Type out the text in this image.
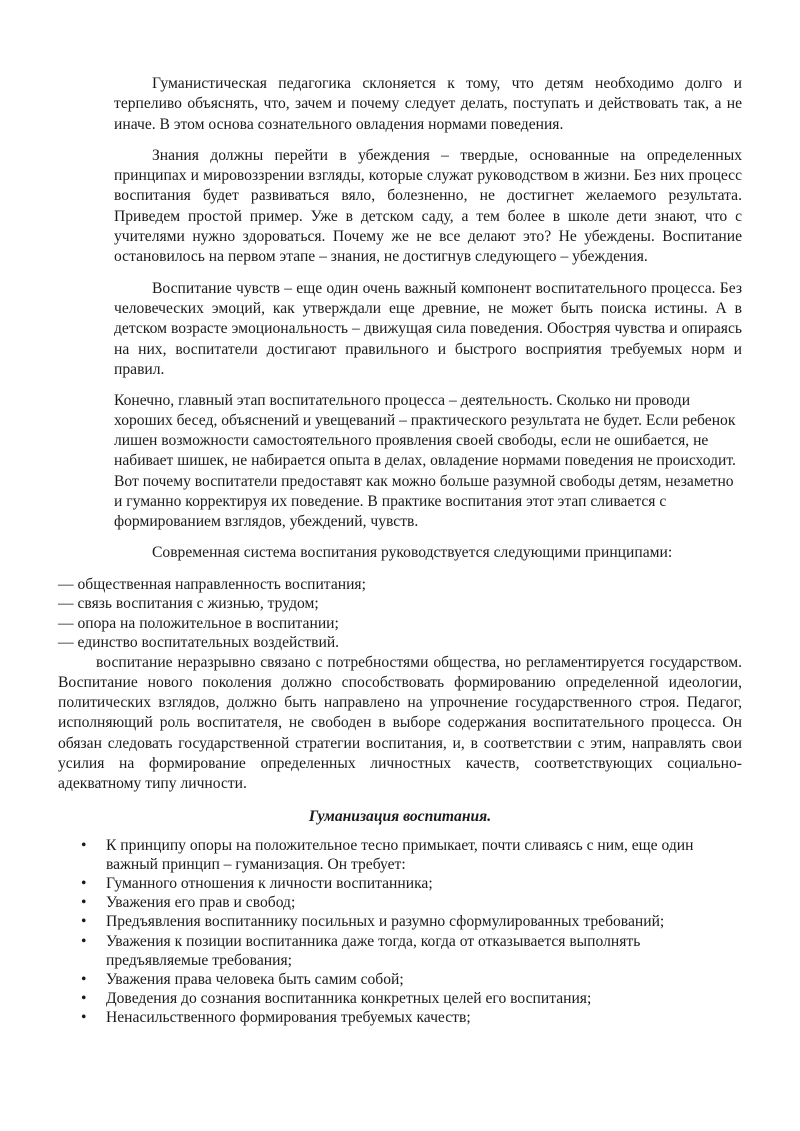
Гуманистическая педагогика склоняется к тому, что детям необходимо долго и терпеливо объяснять, что, зачем и почему следует делать, поступать и действовать так, а не иначе. В этом основа сознательного овладения нормами поведения.

Знания должны перейти в убеждения – твердые, основанные на определенных принципах и мировоззрении взгляды, которые служат руководством в жизни. Без них процесс воспитания будет развиваться вяло, болезненно, не достигнет желаемого результата. Приведем простой пример. Уже в детском саду, а тем более в школе дети знают, что с учителями нужно здороваться. Почему же не все делают это? Не убеждены. Воспитание остановилось на первом этапе – знания, не достигнув следующего – убеждения.

Воспитание чувств – еще один очень важный компонент воспитательного процесса. Без человеческих эмоций, как утверждали еще древние, не может быть поиска истины. А в детском возрасте эмоциональность – движущая сила поведения. Обостряя чувства и опираясь на них, воспитатели достигают правильного и быстрого восприятия требуемых норм и правил.

Конечно, главный этап воспитательного процесса – деятельность. Сколько ни проводи хороших бесед, объяснений и увещеваний – практического результата не будет. Если ребенок лишен возможности самостоятельного проявления своей свободы, если не ошибается, не набивает шишек, не набирается опыта в делах, овладение нормами поведения не происходит. Вот почему воспитатели предоставят как можно больше разумной свободы детям, незаметно и гуманно корректируя их поведение. В практике воспитания этот этап сливается с формированием взглядов, убеждений, чувств.

Современная система воспитания руководствуется следующими принципами:

— общественная направленность воспитания;

— связь воспитания с жизнью, трудом;

— опора на положительное в воспитании;

— единство воспитательных воздействий.

воспитание неразрывно связано с потребностями общества, но регламентируется государством. Воспитание нового поколения должно способствовать формированию определенной идеологии, политических взглядов, должно быть направлено на упрочнение государственного строя. Педагог, исполняющий роль воспитателя, не свободен в выборе содержания воспитательного процесса. Он обязан следовать государственной стратегии воспитания, и, в соответствии с этим, направлять свои усилия на формирование определенных личностных качеств, соответствующих социально-адекватному типу личности.

Гуманизация воспитания.

• К принципу опоры на положительное тесно примыкает, почти сливаясь с ним, еще один важный принцип – гуманизация. Он требует:
• Гуманного отношения к личности воспитанника;
• Уважения его прав и свобод;
• Предъявления воспитаннику посильных и разумно сформулированных требований;
• Уважения к позиции воспитанника даже тогда, когда от отказывается выполнять предъявляемые требования;
• Уважения права человека быть самим собой;
• Доведения до сознания воспитанника конкретных целей его воспитания;
• Ненасильственного формирования требуемых качеств;
